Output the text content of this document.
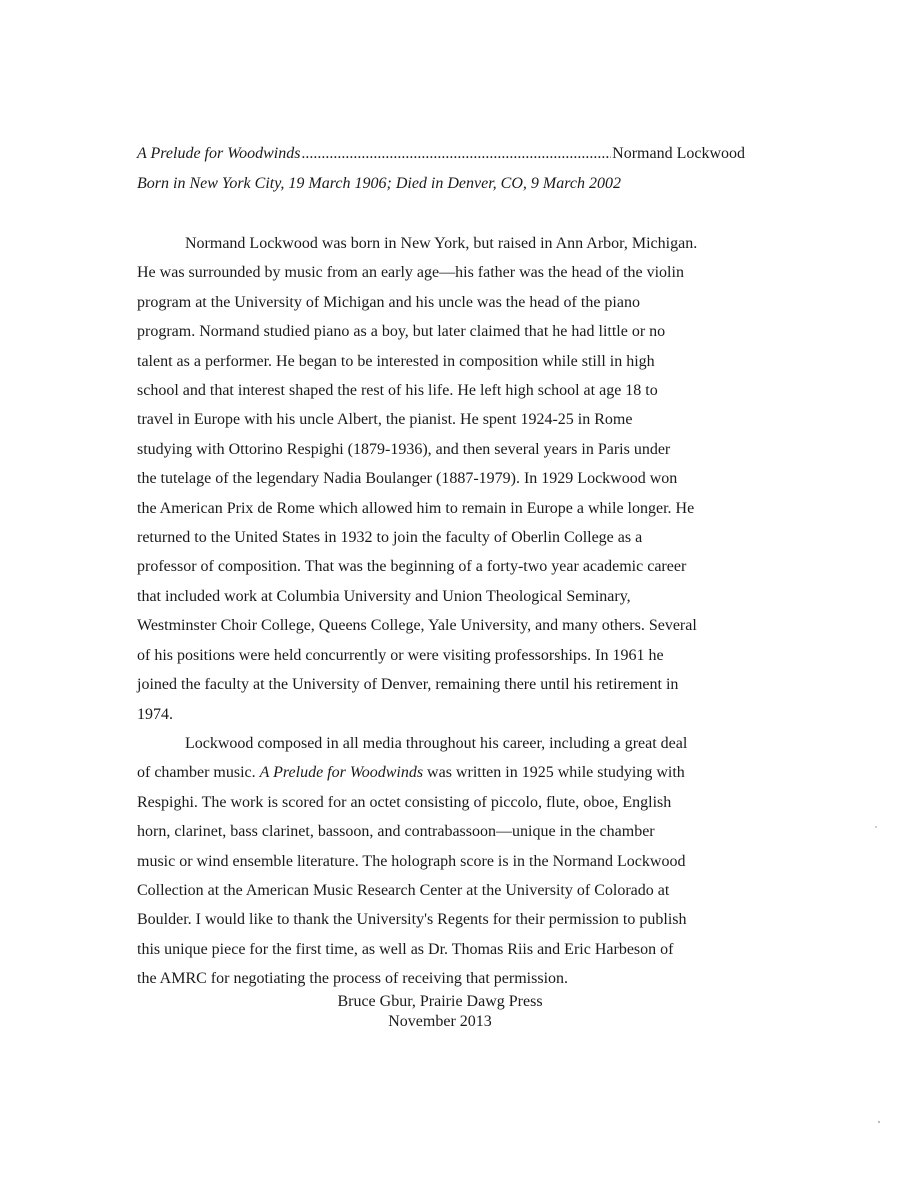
A Prelude for Woodwinds
.....	Normand Lockwood
Born in New York City, 19 March 1906; Died in Denver, CO, 9 March 2002
Normand Lockwood was born in New York, but raised in Ann Arbor, Michigan.
He was surrounded by music from an early age—his father was the head of the violin
program at the University of Michigan and his uncle was the head of the piano
program. Normand studied piano as a boy, but later claimed that he had little or no
talent as a performer. He began to be interested in composition while still in high
school and that interest shaped the rest of his life. He left high school at age 18 to
travel in Europe with his uncle Albert, the pianist. He spent 1924-25 in Rome
studying with Ottorino Respighi (1879-1936), and then several years in Paris under
the tutelage of the legendary Nadia Boulanger (1887-1979). In 1929 Lockwood won
the American Prix de Rome which allowed him to remain in Europe a while longer. He
returned to the United States in 1932 to join the faculty of Oberlin College as a
professor of composition. That was the beginning of a forty-two year academic career
that included work at Columbia University and Union Theological Seminary,
Westminster Choir College, Queens College, Yale University, and many others. Several
of his positions were held concurrently or were visiting professorships. In 1961 he
joined the faculty at the University of Denver, remaining there until his retirement in
1974.
Lockwood composed in all media throughout his career, including a great deal
of chamber music. A Prelude for Woodwinds was written in 1925 while studying with
Respighi. The work is scored for an octet consisting of piccolo, flute, oboe, English
horn, clarinet, bass clarinet, bassoon, and contrabassoon—unique in the chamber
music or wind ensemble literature. The holograph score is in the Normand Lockwood
Collection at the American Music Research Center at the University of Colorado at
Boulder. I would like to thank the University's Regents for their permission to publish
this unique piece for the first time, as well as Dr. Thomas Riis and Eric Harbeson of
the AMRC for negotiating the process of receiving that permission.
Bruce Gbur, Prairie Dawg Press
November 2013
